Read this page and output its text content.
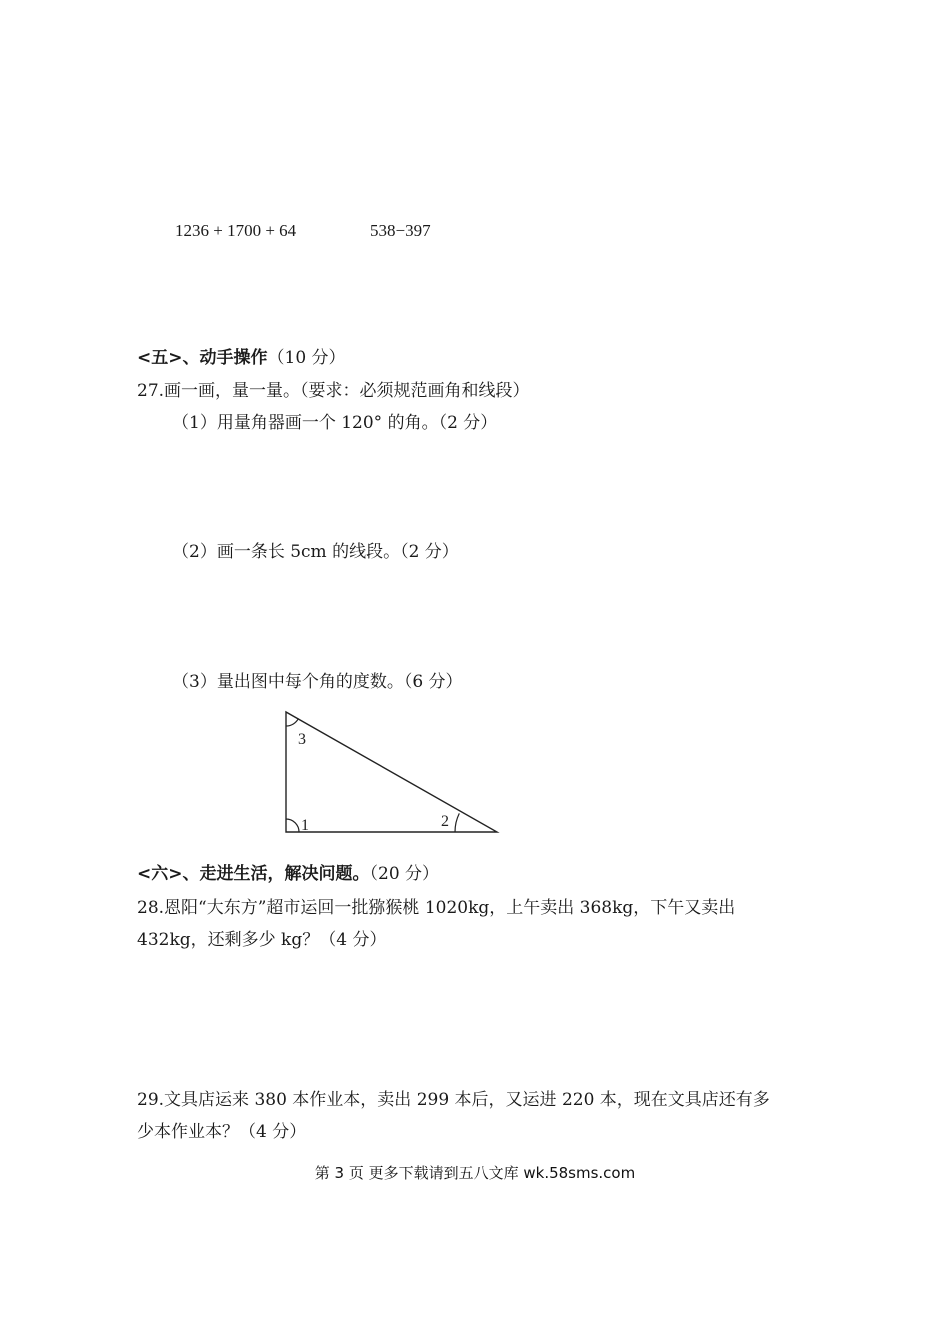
1236 + 1700 + 64	538−397
<五>、动手操作（10 分）
27.画一画，量一量。（要求：必须规范画角和线段）
（1）用量角器画一个 120° 的角。（2 分）
（2）画一条长 5cm 的线段。（2 分）
（3）量出图中每个角的度数。（6 分）
3
1	2
<六>、走进生活，解决问题。（20 分）
28.恩阳“大东方”超市运回一批猕猴桃 1020kg，上午卖出 368kg，下午又卖出
432kg，还剩多少 kg？（4 分）
29.文具店运来 380 本作业本，卖出 299 本后，又运进 220 本，现在文具店还有多
少本作业本？（4 分）
第 3 页 更多下载请到五八文库 wk.58sms.com
